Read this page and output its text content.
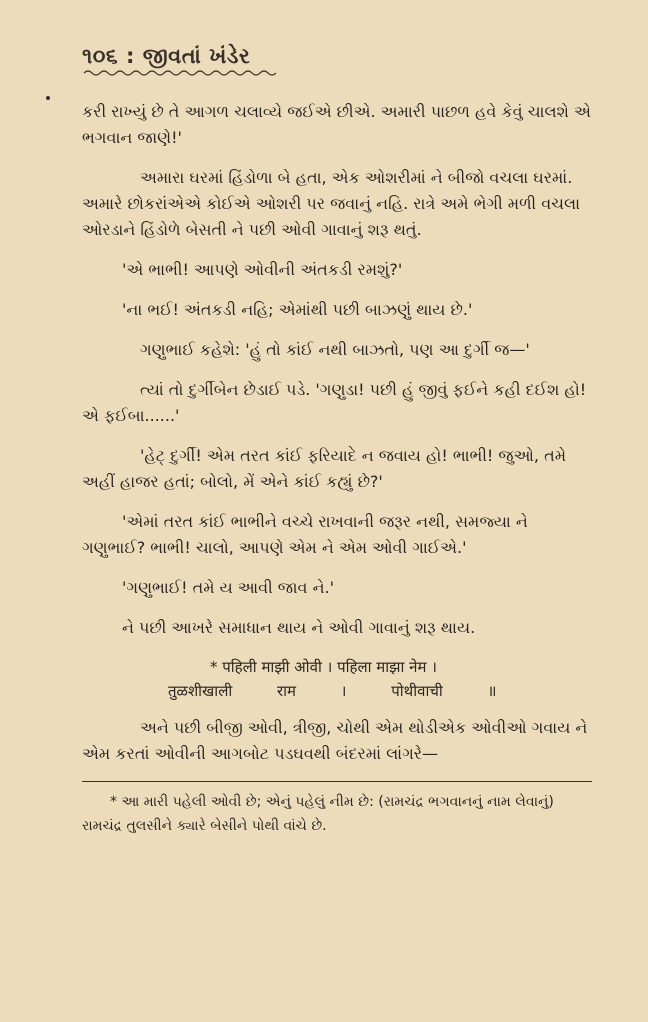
૧૦૬ : જીવતાં ખંડેર

કરી રાખ્યું છે તે આગળ ચલાવ્યે જઈએ છીએ. અમારી પાછળ હવે કેવું ચાલશે એ ભગવાન જાણે!'

અમારા ઘરમાં હિંડોળા બે હતા, એક ઓશરીમાં ને બીજો વચલા ઘરમાં. અમારે છોકરાંએએ કોઈએ ઓશરી પર જવાનું નહિ. રાત્રે અમે ભેગી મળી વચલા ઓરડાને હિંડોળે બેસતી ને પછી ઓવી ગાવાનું શરૂ થતું.

'એ ભાભી! આપણે ઓવીની અંતકડી રમશું?'

'ના ભઈ! અંતકડી નહિ; એમાંથી પછી બાઝણું થાય છે.'

ગણુભાઈ કહેશે: 'હું તો કાંઈ નથી બાઝતો, પણ આ દુર્ગી જ—'

ત્યાં તો દુર્ગીબેન છેડાઈ પડે. 'ગણુડા! પછી હું જીવું ફઈને કહી દઈશ હો! એ ફઈબા......'

'હેટ્ દુર્ગી! એમ તરત કાંઈ ફરિયાદે ન જવાય હો! ભાભી! જુઓ, તમે અહીં હાજર હતાં; બોલો, મેં એને કાંઈ કહ્યું છે?'

'એમાં તરત કાંઈ ભાભીને વચ્ચે રાખવાની જરૂર નથી, સમજ્યા ને ગણુભાઈ? ભાભી! ચાલો, આપણે એમ ને એમ ઓવી ગાઈએ.'

'ગણુભાઈ! તમે ય આવી જાવ ને.'

ને પછી આખરે સમાધાન થાય ને ઓવી ગાવાનું શરૂ થાય.

* पहिली माझी ओवी । पहिला माझा नेम ।

तुळशीखाली राम । पोथीवाची ॥

અને પછી બીજી ઓવી, ત્રીજી, ચોથી એમ થોડીએક ઓવીઓ ગવાય ને એમ કરતાં ઓવીની આગબોટ પડઘવથી બંદરમાં લાંગરે—

* આ મારી પહેલી ઓવી છે; એનું પહેલું નીમ છે: (રામચંદ્ર ભગવાનનું નામ લેવાનું) રામચંદ્ર તુલસીને ક્યારે બેસીને પોથી વાંચે છે.
